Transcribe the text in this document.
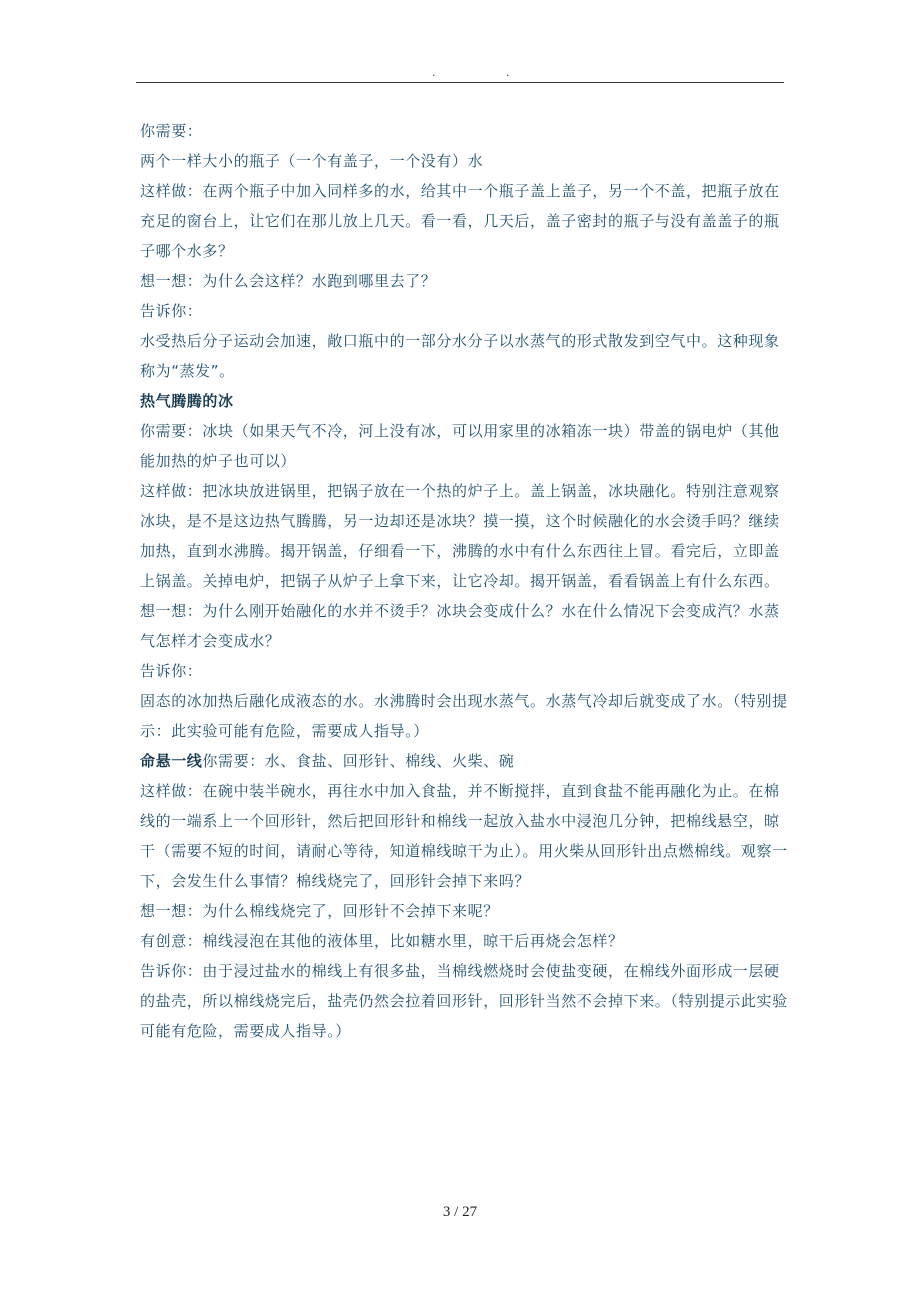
.	.

你需要：

两个一样大小的瓶子（一个有盖子，一个没有）水

这样做：在两个瓶子中加入同样多的水，给其中一个瓶子盖上盖子，另一个不盖，把瓶子放在充足的窗台上，让它们在那儿放上几天。看一看，几天后，盖子密封的瓶子与没有盖盖子的瓶子哪个水多？

想一想：为什么会这样？水跑到哪里去了？

告诉你：

水受热后分子运动会加速，敞口瓶中的一部分水分子以水蒸气的形式散发到空气中。这种现象称为“蒸发”。

热气腾腾的冰

你需要：冰块（如果天气不冷，河上没有冰，可以用家里的冰箱冻一块）带盖的锅电炉（其他能加热的炉子也可以）

这样做：把冰块放进锅里，把锅子放在一个热的炉子上。盖上锅盖，冰块融化。特别注意观察冰块，是不是这边热气腾腾，另一边却还是冰块？摸一摸，这个时候融化的水会烫手吗？继续加热，直到水沸腾。揭开锅盖，仔细看一下，沸腾的水中有什么东西往上冒。看完后，立即盖上锅盖。关掉电炉，把锅子从炉子上拿下来，让它冷却。揭开锅盖，看看锅盖上有什么东西。

想一想：为什么刚开始融化的水并不烫手？冰块会变成什么？水在什么情况下会变成汽？水蒸气怎样才会变成水？

告诉你：

固态的冰加热后融化成液态的水。水沸腾时会出现水蒸气。水蒸气冷却后就变成了水。（特别提示：此实验可能有危险，需要成人指导。）

命悬一线你需要：水、食盐、回形针、棉线、火柴、碗

这样做：在碗中装半碗水，再往水中加入食盐，并不断搅拌，直到食盐不能再融化为止。在棉线的一端系上一个回形针，然后把回形针和棉线一起放入盐水中浸泡几分钟，把棉线悬空，晾干（需要不短的时间，请耐心等待，知道棉线晾干为止）。用火柴从回形针出点燃棉线。观察一下，会发生什么事情？棉线烧完了，回形针会掉下来吗？

想一想：为什么棉线烧完了，回形针不会掉下来呢？

有创意：棉线浸泡在其他的液体里，比如糖水里，晾干后再烧会怎样？

告诉你：由于浸过盐水的棉线上有很多盐，当棉线燃烧时会使盐变硬，在棉线外面形成一层硬的盐壳，所以棉线烧完后，盐壳仍然会拉着回形针，回形针当然不会掉下来。（特别提示此实验可能有危险，需要成人指导。）

3 / 27
